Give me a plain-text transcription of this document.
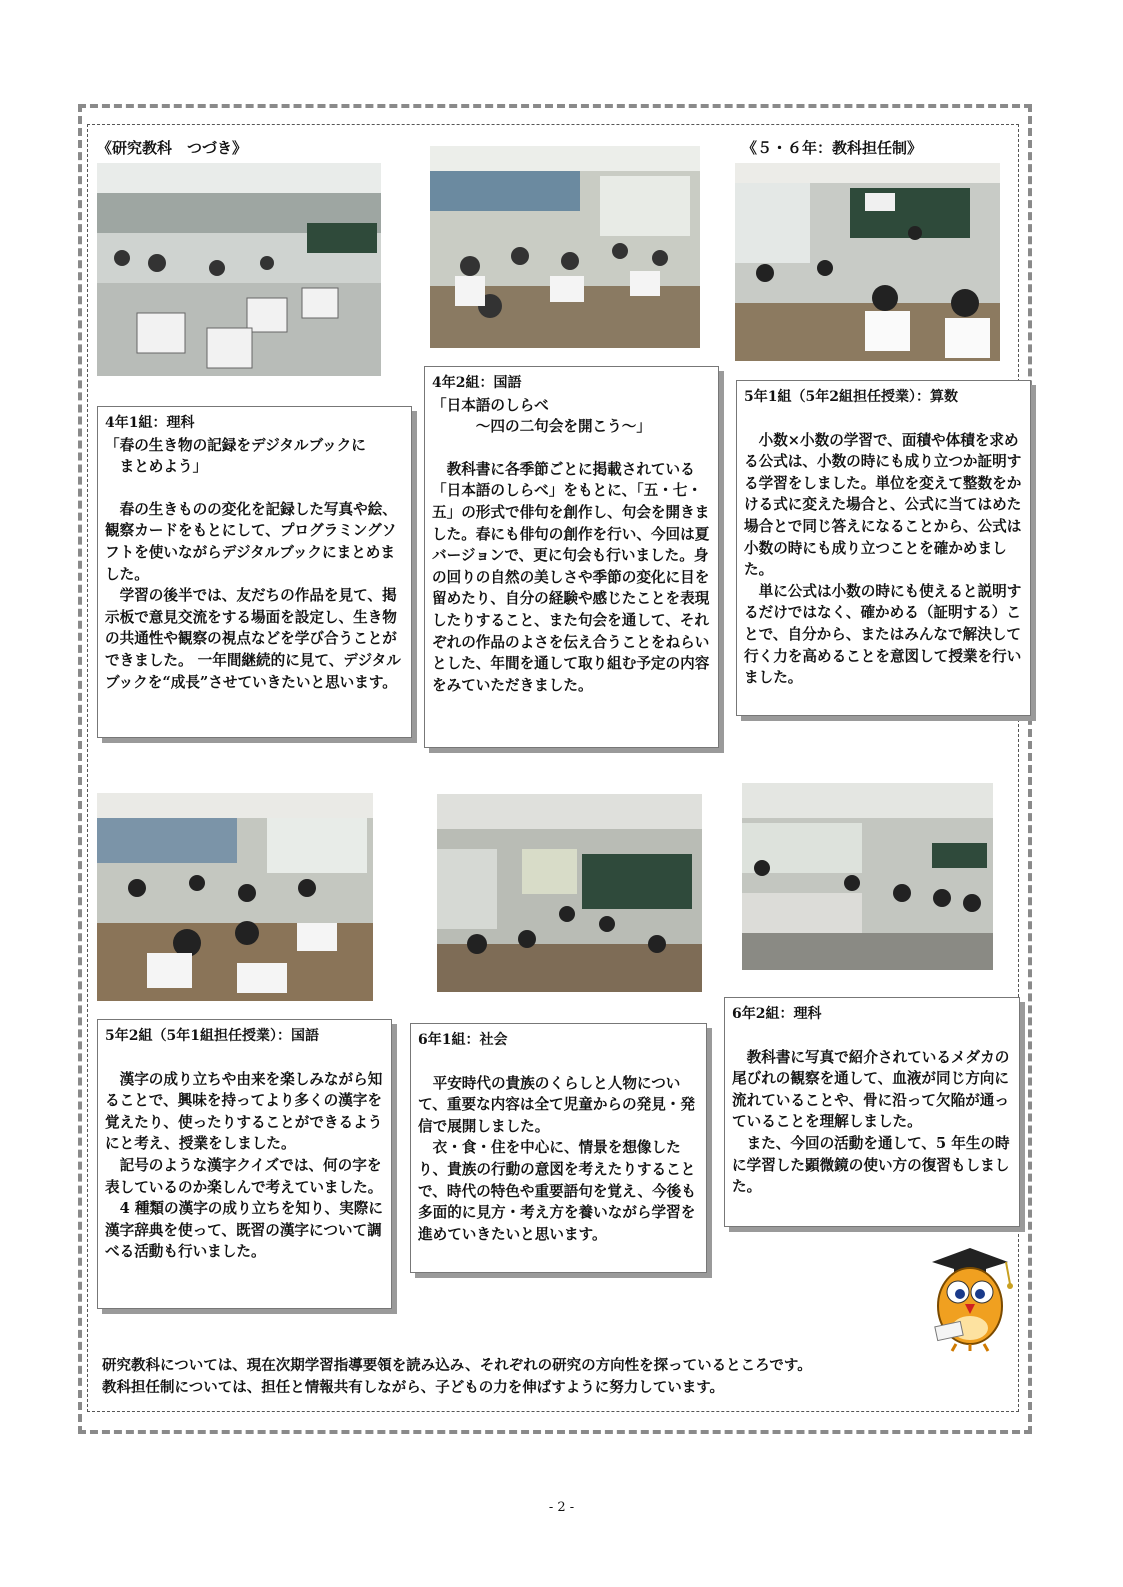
《研究教科　つづき》	《５・６年：教科担任制》
4年1組：理科
「春の生き物の記録をデジタルブックに
　まとめよう」
春の生きものの変化を記録した写真や絵、観察カードをもとにして、プログラミングソフトを使いながらデジタルブックにまとめました。
学習の後半では、友だちの作品を見て、掲示板で意見交流をする場面を設定し、生き物の共通性や観察の視点などを学び合うことができました。 一年間継続的に見て、デジタルブックを“成長”させていきたいと思います。
4年2組：国語
「日本語のしらべ
　　　～四の二句会を開こう～」
教科書に各季節ごとに掲載されている「日本語のしらべ」をもとに、「五・七・五」の形式で俳句を創作し、句会を開きました。春にも俳句の創作を行い、今回は夏バージョンで、更に句会も行いました。身の回りの自然の美しさや季節の変化に目を留めたり、自分の経験や感じたことを表現したりすること、また句会を通して、それぞれの作品のよさを伝え合うことをねらいとした、年間を通して取り組む予定の内容をみていただきました。
5年1組（5年2組担任授業）：算数
小数×小数の学習で、面積や体積を求める公式は、小数の時にも成り立つか証明する学習をしました。単位を変えて整数をかける式に変えた場合と、公式に当てはめた場合とで同じ答えになることから、公式は小数の時にも成り立つことを確かめました。
単に公式は小数の時にも使えると説明するだけではなく、確かめる（証明する）ことで、自分から、またはみんなで解決して行く力を高めることを意図して授業を行いました。
5年2組（5年1組担任授業）：国語
漢字の成り立ちや由来を楽しみながら知ることで、興味を持ってより多くの漢字を覚えたり、使ったりすることができるようにと考え、授業をしました。
記号のような漢字クイズでは、何の字を表しているのか楽しんで考えていました。
4 種類の漢字の成り立ちを知り、実際に漢字辞典を使って、既習の漢字について調べる活動も行いました。
6年1組：社会
平安時代の貴族のくらしと人物について、重要な内容は全て児童からの発見・発信で展開しました。
衣・食・住を中心に、情景を想像したり、貴族の行動の意図を考えたりすることで、時代の特色や重要語句を覚え、今後も多面的に見方・考え方を養いながら学習を進めていきたいと思います。
6年2組：理科
教科書に写真で紹介されているメダカの尾びれの観察を通して、血液が同じ方向に流れていることや、骨に沿って欠陥が通っていることを理解しました。
また、今回の活動を通して、5 年生の時に学習した顕微鏡の使い方の復習もしました。
研究教科については、現在次期学習指導要領を読み込み、それぞれの研究の方向性を探っているところです。
教科担任制については、担任と情報共有しながら、子どもの力を伸ばすように努力しています。
- 2 -
